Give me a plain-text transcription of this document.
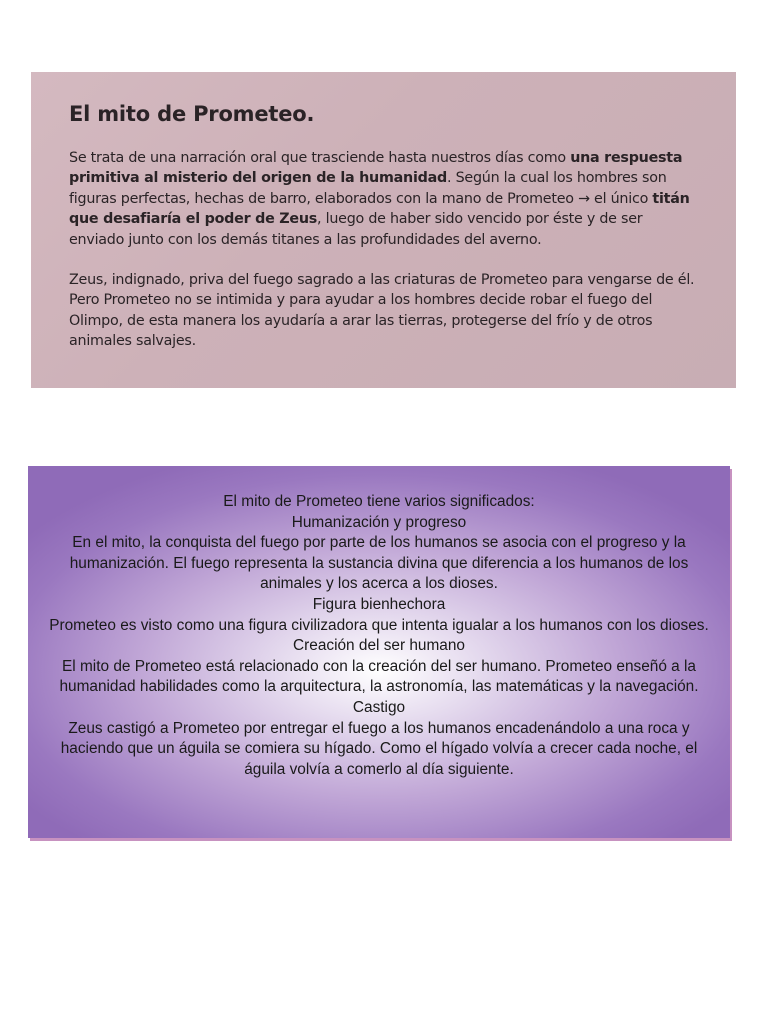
El mito de Prometeo.

Se trata de una narración oral que trasciende hasta nuestros días como una respuesta primitiva al misterio del origen de la humanidad. Según la cual los hombres son figuras perfectas, hechas de barro, elaborados con la mano de Prometeo → el único titán que desafiaría el poder de Zeus, luego de haber sido vencido por éste y de ser enviado junto con los demás titanes a las profundidades del averno.

Zeus, indignado, priva del fuego sagrado a las criaturas de Prometeo para vengarse de él. Pero Prometeo no se intimida y para ayudar a los hombres decide robar el fuego del Olimpo, de esta manera los ayudaría a arar las tierras, protegerse del frío y de otros animales salvajes.

El mito de Prometeo tiene varios significados:
Humanización y progreso
En el mito, la conquista del fuego por parte de los humanos se asocia con el progreso y la humanización. El fuego representa la sustancia divina que diferencia a los humanos de los animales y los acerca a los dioses.
Figura bienhechora
Prometeo es visto como una figura civilizadora que intenta igualar a los humanos con los dioses.
Creación del ser humano
El mito de Prometeo está relacionado con la creación del ser humano. Prometeo enseñó a la humanidad habilidades como la arquitectura, la astronomía, las matemáticas y la navegación.
Castigo
Zeus castigó a Prometeo por entregar el fuego a los humanos encadenándolo a una roca y haciendo que un águila se comiera su hígado. Como el hígado volvía a crecer cada noche, el águila volvía a comerlo al día siguiente.
